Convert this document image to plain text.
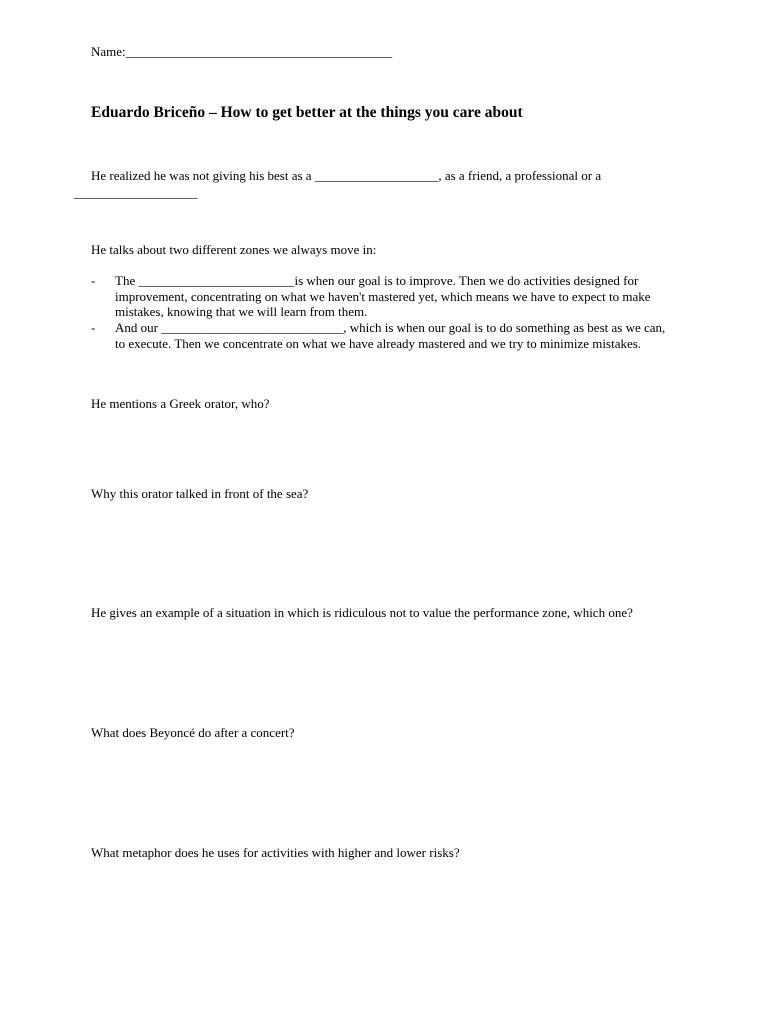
Name:_________________________________________
Eduardo Briceño – How to get better at the things you care about
He realized he was not giving his best as a ___________________, as a friend, a professional or a
___________________
He talks about two different zones we always move in:
- The ________________________is when our goal is to improve. Then we do activities designed for
improvement, concentrating on what we haven't mastered yet, which means we have to expect to make
mistakes, knowing that we will learn from them.
- And our ____________________________, which is when our goal is to do something as best as we can,
to execute. Then we concentrate on what we have already mastered and we try to minimize mistakes.
He mentions a Greek orator, who?
Why this orator talked in front of the sea?
He gives an example of a situation in which is ridiculous not to value the performance zone, which one?
What does Beyoncé do after a concert?
What metaphor does he uses for activities with higher and lower risks?
